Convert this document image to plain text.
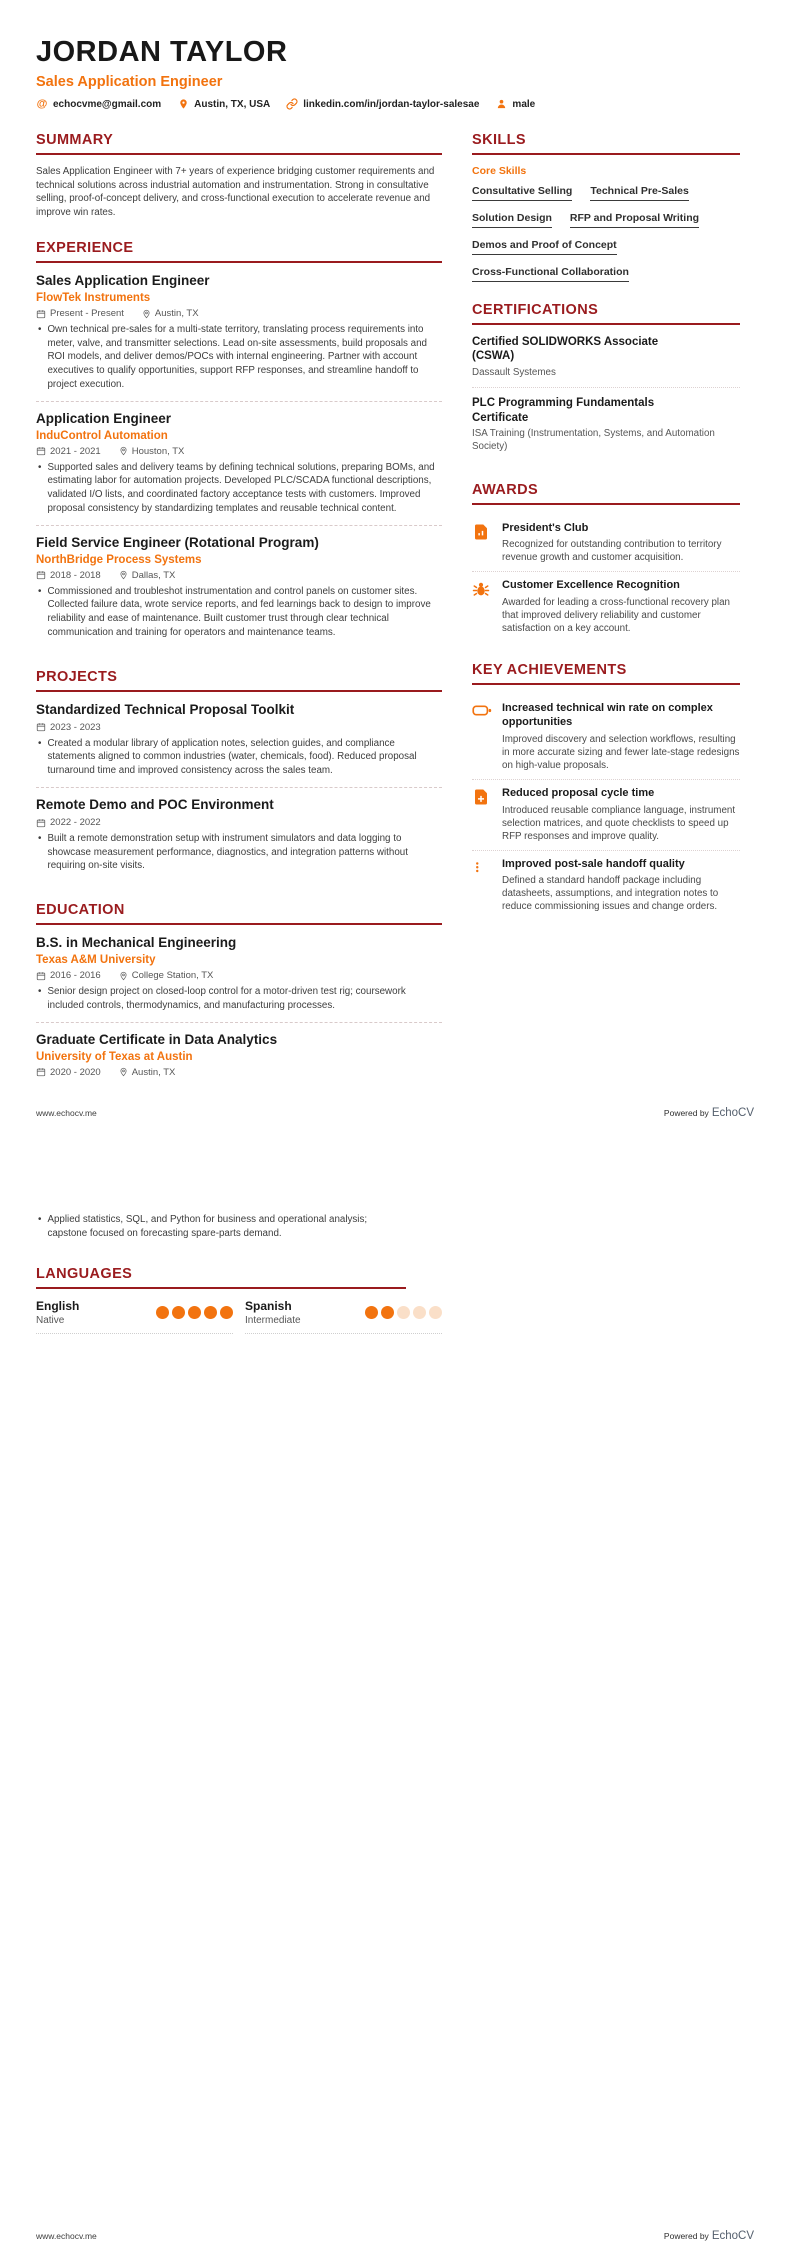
JORDAN TAYLOR
Sales Application Engineer
@ echocvme@gmail.com	Austin, TX, USA	linkedin.com/in/jordan-taylor-salesae	male
SUMMARY
Sales Application Engineer with 7+ years of experience bridging customer requirements and technical solutions across industrial automation and instrumentation. Strong in consultative selling, proof-of-concept delivery, and cross-functional execution to accelerate revenue and improve win rates.
EXPERIENCE
Sales Application Engineer
FlowTek Instruments
Present - Present	Austin, TX
• Own technical pre-sales for a multi-state territory, translating process requirements into meter, valve, and transmitter selections. Lead on-site assessments, build proposals and ROI models, and deliver demos/POCs with internal engineering. Partner with account executives to qualify opportunities, support RFP responses, and streamline handoff to project execution.
Application Engineer
InduControl Automation
2021 - 2021	Houston, TX
• Supported sales and delivery teams by defining technical solutions, preparing BOMs, and estimating labor for automation projects. Developed PLC/SCADA functional descriptions, validated I/O lists, and coordinated factory acceptance tests with customers. Improved proposal consistency by standardizing templates and reusable technical content.
Field Service Engineer (Rotational Program)
NorthBridge Process Systems
2018 - 2018	Dallas, TX
• Commissioned and troubleshot instrumentation and control panels on customer sites. Collected failure data, wrote service reports, and fed learnings back to design to improve reliability and ease of maintenance. Built customer trust through clear technical communication and training for operators and maintenance teams.
PROJECTS
Standardized Technical Proposal Toolkit
2023 - 2023
• Created a modular library of application notes, selection guides, and compliance statements aligned to common industries (water, chemicals, food). Reduced proposal turnaround time and improved consistency across the sales team.
Remote Demo and POC Environment
2022 - 2022
• Built a remote demonstration setup with instrument simulators and data logging to showcase measurement performance, diagnostics, and integration patterns without requiring on-site visits.
EDUCATION
B.S. in Mechanical Engineering
Texas A&M University
2016 - 2016	College Station, TX
• Senior design project on closed-loop control for a motor-driven test rig; coursework included controls, thermodynamics, and manufacturing processes.
Graduate Certificate in Data Analytics
University of Texas at Austin
2020 - 2020	Austin, TX
SKILLS
Core Skills
Consultative Selling Technical Pre-Sales
Solution Design RFP and Proposal Writing
Demos and Proof of Concept
Cross-Functional Collaboration
CERTIFICATIONS
Certified SOLIDWORKS Associate (CSWA)
Dassault Systemes
PLC Programming Fundamentals Certificate
ISA Training (Instrumentation, Systems, and Automation Society)
AWARDS
President's Club
Recognized for outstanding contribution to territory revenue growth and customer acquisition.
Customer Excellence Recognition
Awarded for leading a cross-functional recovery plan that improved delivery reliability and customer satisfaction on a key account.
KEY ACHIEVEMENTS
Increased technical win rate on complex opportunities
Improved discovery and selection workflows, resulting in more accurate sizing and fewer late-stage redesigns on high-value proposals.
Reduced proposal cycle time
Introduced reusable compliance language, instrument selection matrices, and quote checklists to speed up RFP responses and improve quality.
Improved post-sale handoff quality
Defined a standard handoff package including datasheets, assumptions, and integration notes to reduce commissioning issues and change orders.
www.echocv.me	Powered by EchoCV
• Applied statistics, SQL, and Python for business and operational analysis; capstone focused on forecasting spare-parts demand.
LANGUAGES
English
Native
Spanish
Intermediate
www.echocv.me	Powered by EchoCV
